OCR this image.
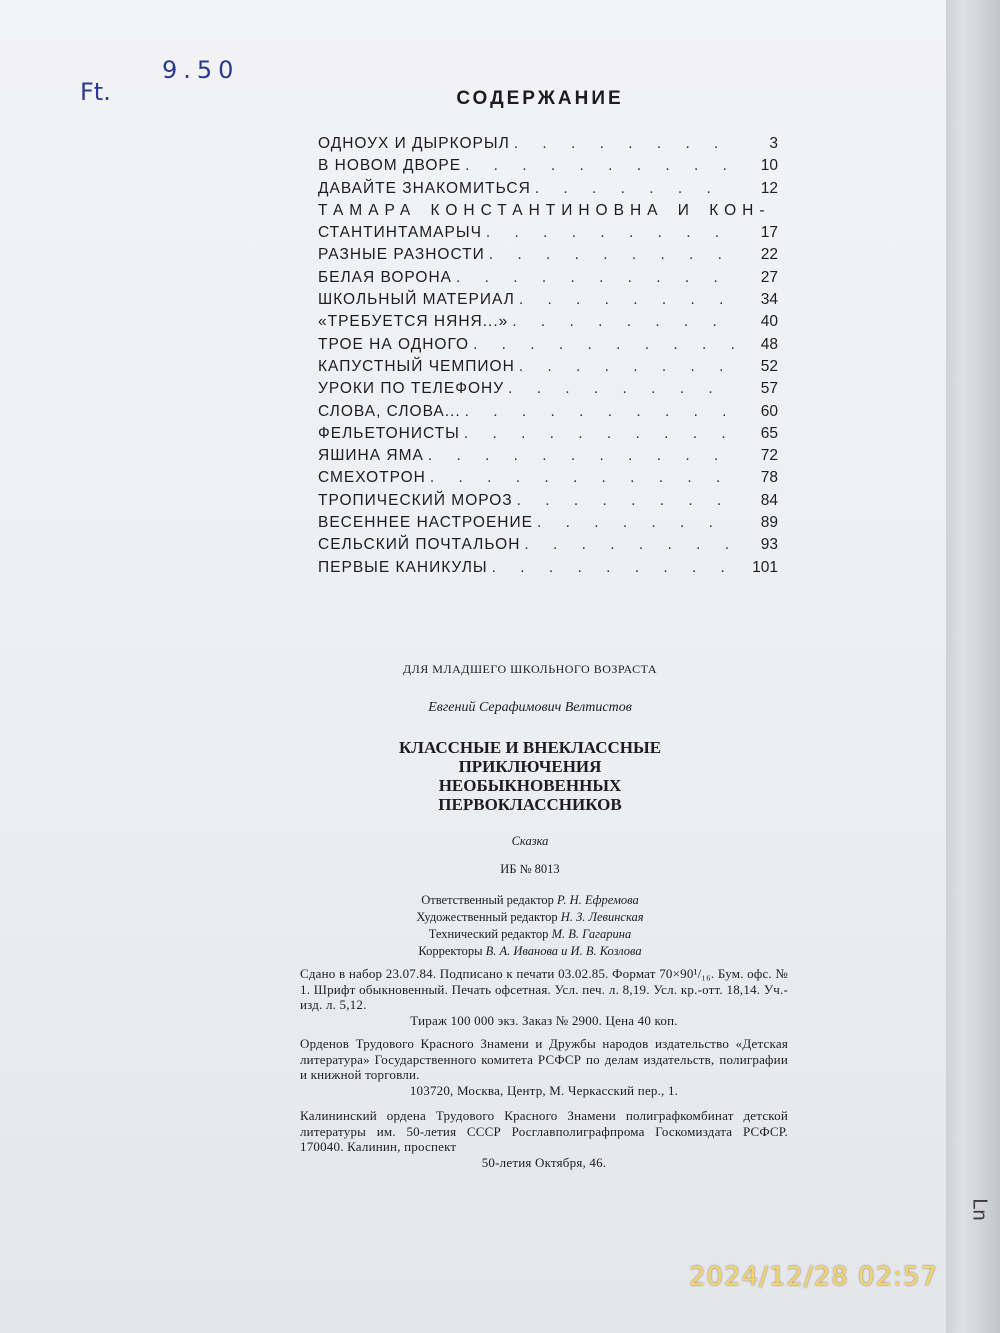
Ft.
9.50
СОДЕРЖАНИЕ
ОДНОУХ И ДЫРКОРЫЛ . . .	3
В НОВОМ ДВОРЕ . . .	10
ДАВАЙТЕ ЗНАКОМИТЬСЯ . . .	12
ТАМАРА КОНСТАНТИНОВНА И КОН-
СТАНТИНТАМАРЫЧ . . .	17
РАЗНЫЕ РАЗНОСТИ . . .	22
БЕЛАЯ ВОРОНА . . .	27
ШКОЛЬНЫЙ МАТЕРИАЛ . . .	34
«ТРЕБУЕТСЯ НЯНЯ...» . . .	40
ТРОЕ НА ОДНОГО . . .	48
КАПУСТНЫЙ ЧЕМПИОН . . .	52
УРОКИ ПО ТЕЛЕФОНУ . . .	57
СЛОВА, СЛОВА... . . .	60
ФЕЛЬЕТОНИСТЫ . . .	65
ЯШИНА ЯМА . . .	72
СМЕХОТРОН . . .	78
ТРОПИЧЕСКИЙ МОРОЗ . . .	84
ВЕСЕННЕЕ НАСТРОЕНИЕ . . .	89
СЕЛЬСКИЙ ПОЧТАЛЬОН . . .	93
ПЕРВЫЕ КАНИКУЛЫ . . .	101
ДЛЯ МЛАДШЕГО ШКОЛЬНОГО ВОЗРАСТА
Евгений Серафимович Велтистов
КЛАССНЫЕ И ВНЕКЛАССНЫЕ
ПРИКЛЮЧЕНИЯ
НЕОБЫКНОВЕННЫХ
ПЕРВОКЛАССНИКОВ
Сказка
ИБ № 8013
Ответственный редактор Р. Н. Ефремова
Художественный редактор Н. З. Левинская
Технический редактор М. В. Гагарина
Корректоры В. А. Иванова и И. В. Козлова
Сдано в набор 23.07.84. Подписано к печати 03.02.85. Формат 70×90¹/₁₆. Бум. офс. № 1. Шрифт обыкновенный. Печать офсетная. Усл. печ. л. 8,19. Усл. кр.-отт. 18,14. Уч.-изд. л. 5,12.
Тираж 100 000 экз. Заказ № 2900. Цена 40 коп.
Орденов Трудового Красного Знамени и Дружбы народов издательство «Детская литература» Государственного комитета РСФСР по делам издательств, полиграфии и книжной торговли.
103720, Москва, Центр, М. Черкасский пер., 1.
Калининский ордена Трудового Красного Знамени полиграфкомбинат детской литературы им. 50-летия СССР Росглавполиграфпрома Госкомиздата РСФСР. 170040. Калинин, проспект
50-летия Октября, 46.
Ln
2024/12/28 02:57
